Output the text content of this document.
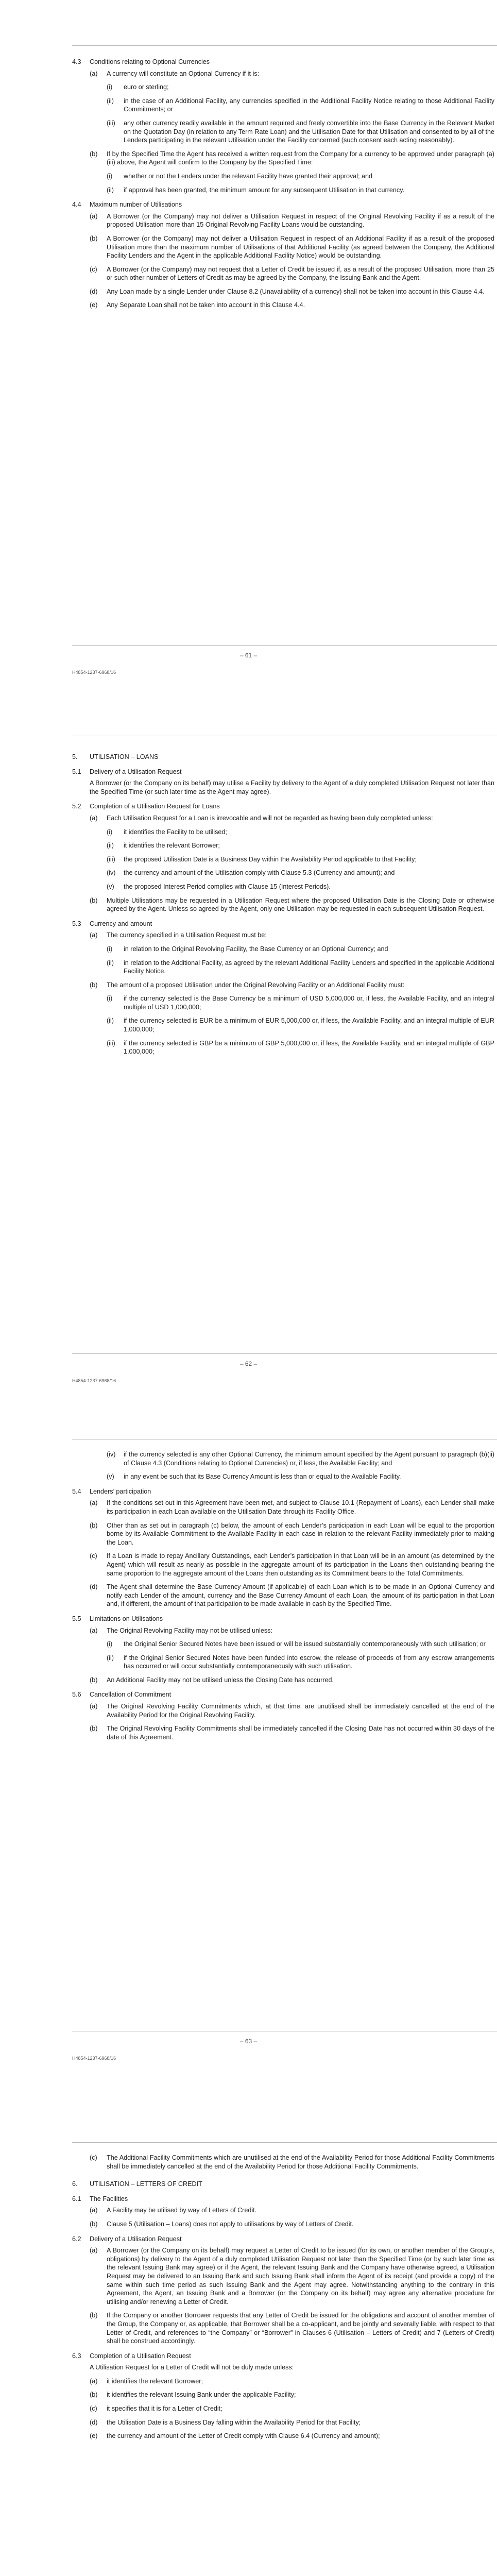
4.3	Conditions relating to Optional Currencies
(a)	A currency will constitute an Optional Currency if it is:
(i)	euro or sterling;
(ii)	in the case of an Additional Facility, any currencies specified in the Additional Facility Notice relating to those Additional Facility Commitments; or
(iii)	any other currency readily available in the amount required and freely convertible into the Base Currency in the Relevant Market on the Quotation Day (in relation to any Term Rate Loan) and the Utilisation Date for that Utilisation and consented to by all of the Lenders participating in the relevant Utilisation under the Facility concerned (such consent each acting reasonably).
(b)	If by the Specified Time the Agent has received a written request from the Company for a currency to be approved under paragraph (a)(iii) above, the Agent will confirm to the Company by the Specified Time:
(i)	whether or not the Lenders under the relevant Facility have granted their approval; and
(ii)	if approval has been granted, the minimum amount for any subsequent Utilisation in that currency.
4.4	Maximum number of Utilisations
(a)	A Borrower (or the Company) may not deliver a Utilisation Request in respect of the Original Revolving Facility if as a result of the proposed Utilisation more than 15 Original Revolving Facility Loans would be outstanding.
(b)	A Borrower (or the Company) may not deliver a Utilisation Request in respect of an Additional Facility if as a result of the proposed Utilisation more than the maximum number of Utilisations of that Additional Facility (as agreed between the Company, the Additional Facility Lenders and the Agent in the applicable Additional Facility Notice) would be outstanding.
(c)	A Borrower (or the Company) may not request that a Letter of Credit be issued if, as a result of the proposed Utilisation, more than 25 or such other number of Letters of Credit as may be agreed by the Company, the Issuing Bank and the Agent.
(d)	Any Loan made by a single Lender under Clause 8.2 (Unavailability of a currency) shall not be taken into account in this Clause 4.4.
(e)	Any Separate Loan shall not be taken into account in this Clause 4.4.
– 61 –
H4854-1237-6968/16
5.	UTILISATION – LOANS
5.1	Delivery of a Utilisation Request
A Borrower (or the Company on its behalf) may utilise a Facility by delivery to the Agent of a duly completed Utilisation Request not later than the Specified Time (or such later time as the Agent may agree).
5.2	Completion of a Utilisation Request for Loans
(a)	Each Utilisation Request for a Loan is irrevocable and will not be regarded as having been duly completed unless:
(i)	it identifies the Facility to be utilised;
(ii)	it identifies the relevant Borrower;
(iii)	the proposed Utilisation Date is a Business Day within the Availability Period applicable to that Facility;
(iv)	the currency and amount of the Utilisation comply with Clause 5.3 (Currency and amount); and
(v)	the proposed Interest Period complies with Clause 15 (Interest Periods).
(b)	Multiple Utilisations may be requested in a Utilisation Request where the proposed Utilisation Date is the Closing Date or otherwise agreed by the Agent. Unless so agreed by the Agent, only one Utilisation may be requested in each subsequent Utilisation Request.
5.3	Currency and amount
(a)	The currency specified in a Utilisation Request must be:
(i)	in relation to the Original Revolving Facility, the Base Currency or an Optional Currency; and
(ii)	in relation to the Additional Facility, as agreed by the relevant Additional Facility Lenders and specified in the applicable Additional Facility Notice.
(b)	The amount of a proposed Utilisation under the Original Revolving Facility or an Additional Facility must:
(i)	if the currency selected is the Base Currency be a minimum of USD 5,000,000 or, if less, the Available Facility, and an integral multiple of USD 1,000,000;
(ii)	if the currency selected is EUR be a minimum of EUR 5,000,000 or, if less, the Available Facility, and an integral multiple of EUR 1,000,000;
(iii)	if the currency selected is GBP be a minimum of GBP 5,000,000 or, if less, the Available Facility, and an integral multiple of GBP 1,000,000;
– 62 –
H4854-1237-6968/16
(iv)	if the currency selected is any other Optional Currency, the minimum amount specified by the Agent pursuant to paragraph (b)(ii) of Clause 4.3 (Conditions relating to Optional Currencies) or, if less, the Available Facility; and
(v)	in any event be such that its Base Currency Amount is less than or equal to the Available Facility.
5.4	Lenders’ participation
(a)	If the conditions set out in this Agreement have been met, and subject to Clause 10.1 (Repayment of Loans), each Lender shall make its participation in each Loan available on the Utilisation Date through its Facility Office.
(b)	Other than as set out in paragraph (c) below, the amount of each Lender’s participation in each Loan will be equal to the proportion borne by its Available Commitment to the Available Facility in each case in relation to the relevant Facility immediately prior to making the Loan.
(c)	If a Loan is made to repay Ancillary Outstandings, each Lender’s participation in that Loan will be in an amount (as determined by the Agent) which will result as nearly as possible in the aggregate amount of its participation in the Loans then outstanding bearing the same proportion to the aggregate amount of the Loans then outstanding as its Commitment bears to the Total Commitments.
(d)	The Agent shall determine the Base Currency Amount (if applicable) of each Loan which is to be made in an Optional Currency and notify each Lender of the amount, currency and the Base Currency Amount of each Loan, the amount of its participation in that Loan and, if different, the amount of that participation to be made available in cash by the Specified Time.
5.5	Limitations on Utilisations
(a)	The Original Revolving Facility may not be utilised unless:
(i)	the Original Senior Secured Notes have been issued or will be issued substantially contemporaneously with such utilisation; or
(ii)	if the Original Senior Secured Notes have been funded into escrow, the release of proceeds of from any escrow arrangements has occurred or will occur substantially contemporaneously with such utilisation.
(b)	An Additional Facility may not be utilised unless the Closing Date has occurred.
5.6	Cancellation of Commitment
(a)	The Original Revolving Facility Commitments which, at that time, are unutilised shall be immediately cancelled at the end of the Availability Period for the Original Revolving Facility.
(b)	The Original Revolving Facility Commitments shall be immediately cancelled if the Closing Date has not occurred within 30 days of the date of this Agreement.
– 63 –
H4854-1237-6968/16
(c)	The Additional Facility Commitments which are unutilised at the end of the Availability Period for those Additional Facility Commitments shall be immediately cancelled at the end of the Availability Period for those Additional Facility Commitments.
6.	UTILISATION – LETTERS OF CREDIT
6.1	The Facilities
(a)	A Facility may be utilised by way of Letters of Credit.
(b)	Clause 5 (Utilisation – Loans) does not apply to utilisations by way of Letters of Credit.
6.2	Delivery of a Utilisation Request
(a)	A Borrower (or the Company on its behalf) may request a Letter of Credit to be issued (for its own, or another member of the Group’s, obligations) by delivery to the Agent of a duly completed Utilisation Request not later than the Specified Time (or by such later time as the relevant Issuing Bank may agree) or if the Agent, the relevant Issuing Bank and the Company have otherwise agreed, a Utilisation Request may be delivered to an Issuing Bank and such Issuing Bank shall inform the Agent of its receipt (and provide a copy) of the same within such time period as such Issuing Bank and the Agent may agree. Notwithstanding anything to the contrary in this Agreement, the Agent, an Issuing Bank and a Borrower (or the Company on its behalf) may agree any alternative procedure for utilising and/or renewing a Letter of Credit.
(b)	If the Company or another Borrower requests that any Letter of Credit be issued for the obligations and account of another member of the Group, the Company or, as applicable, that Borrower shall be a co-applicant, and be jointly and severally liable, with respect to that Letter of Credit, and references to “the Company” or “Borrower” in Clauses 6 (Utilisation – Letters of Credit) and 7 (Letters of Credit) shall be construed accordingly.
6.3	Completion of a Utilisation Request
A Utilisation Request for a Letter of Credit will not be duly made unless:
(a)	it identifies the relevant Borrower;
(b)	it identifies the relevant Issuing Bank under the applicable Facility;
(c)	it specifies that it is for a Letter of Credit;
(d)	the Utilisation Date is a Business Day falling within the Availability Period for that Facility;
(e)	the currency and amount of the Letter of Credit comply with Clause 6.4 (Currency and amount);
